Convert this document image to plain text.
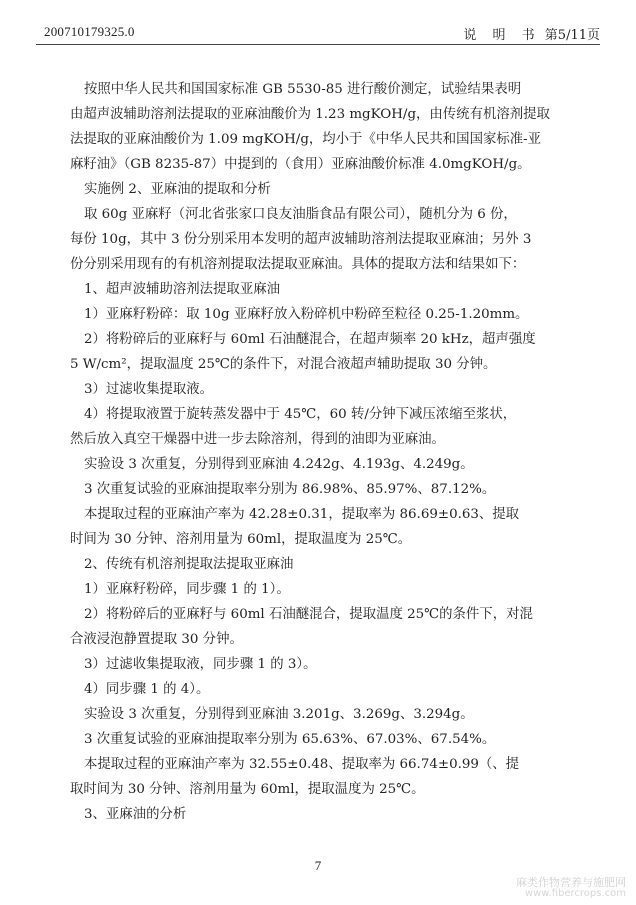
200710179325.0	说 明 书 第5/11页
按照中华人民共和国国家标准 GB 5530-85 进行酸价测定，试验结果表明
由超声波辅助溶剂法提取的亚麻油酸价为 1.23 mgKOH/g，由传统有机溶剂提取
法提取的亚麻油酸价为 1.09 mgKOH/g，均小于《中华人民共和国国家标准-亚
麻籽油》（GB 8235-87）中提到的（食用）亚麻油酸价标准 4.0mgKOH/g。
实施例 2、亚麻油的提取和分析
取 60g 亚麻籽（河北省张家口良友油脂食品有限公司），随机分为 6 份，
每份 10g，其中 3 份分别采用本发明的超声波辅助溶剂法提取亚麻油；另外 3
份分别采用现有的有机溶剂提取法提取亚麻油。具体的提取方法和结果如下：
1、超声波辅助溶剂法提取亚麻油
1）亚麻籽粉碎：取 10g 亚麻籽放入粉碎机中粉碎至粒径 0.25-1.20mm。
2）将粉碎后的亚麻籽与 60ml 石油醚混合，在超声频率 20 kHz，超声强度
5 W/cm²，提取温度 25℃的条件下，对混合液超声辅助提取 30 分钟。
3）过滤收集提取液。
4）将提取液置于旋转蒸发器中于 45℃，60 转/分钟下减压浓缩至浆状，
然后放入真空干燥器中进一步去除溶剂，得到的油即为亚麻油。
实验设 3 次重复，分别得到亚麻油 4.242g、4.193g、4.249g。
3 次重复试验的亚麻油提取率分别为 86.98%、85.97%、87.12%。
本提取过程的亚麻油产率为 42.28±0.31，提取率为 86.69±0.63、提取
时间为 30 分钟、溶剂用量为 60ml，提取温度为 25℃。
2、传统有机溶剂提取法提取亚麻油
1）亚麻籽粉碎，同步骤 1 的 1）。
2）将粉碎后的亚麻籽与 60ml 石油醚混合，提取温度 25℃的条件下，对混
合液浸泡静置提取 30 分钟。
3）过滤收集提取液，同步骤 1 的 3）。
4）同步骤 1 的 4）。
实验设 3 次重复，分别得到亚麻油 3.201g、3.269g、3.294g。
3 次重复试验的亚麻油提取率分别为 65.63%、67.03%、67.54%。
本提取过程的亚麻油产率为 32.55±0.48、提取率为 66.74±0.99（、提
取时间为 30 分钟、溶剂用量为 60ml，提取温度为 25℃。
3、亚麻油的分析
7
麻类作物营养与施肥网
www.fibercrops.com
